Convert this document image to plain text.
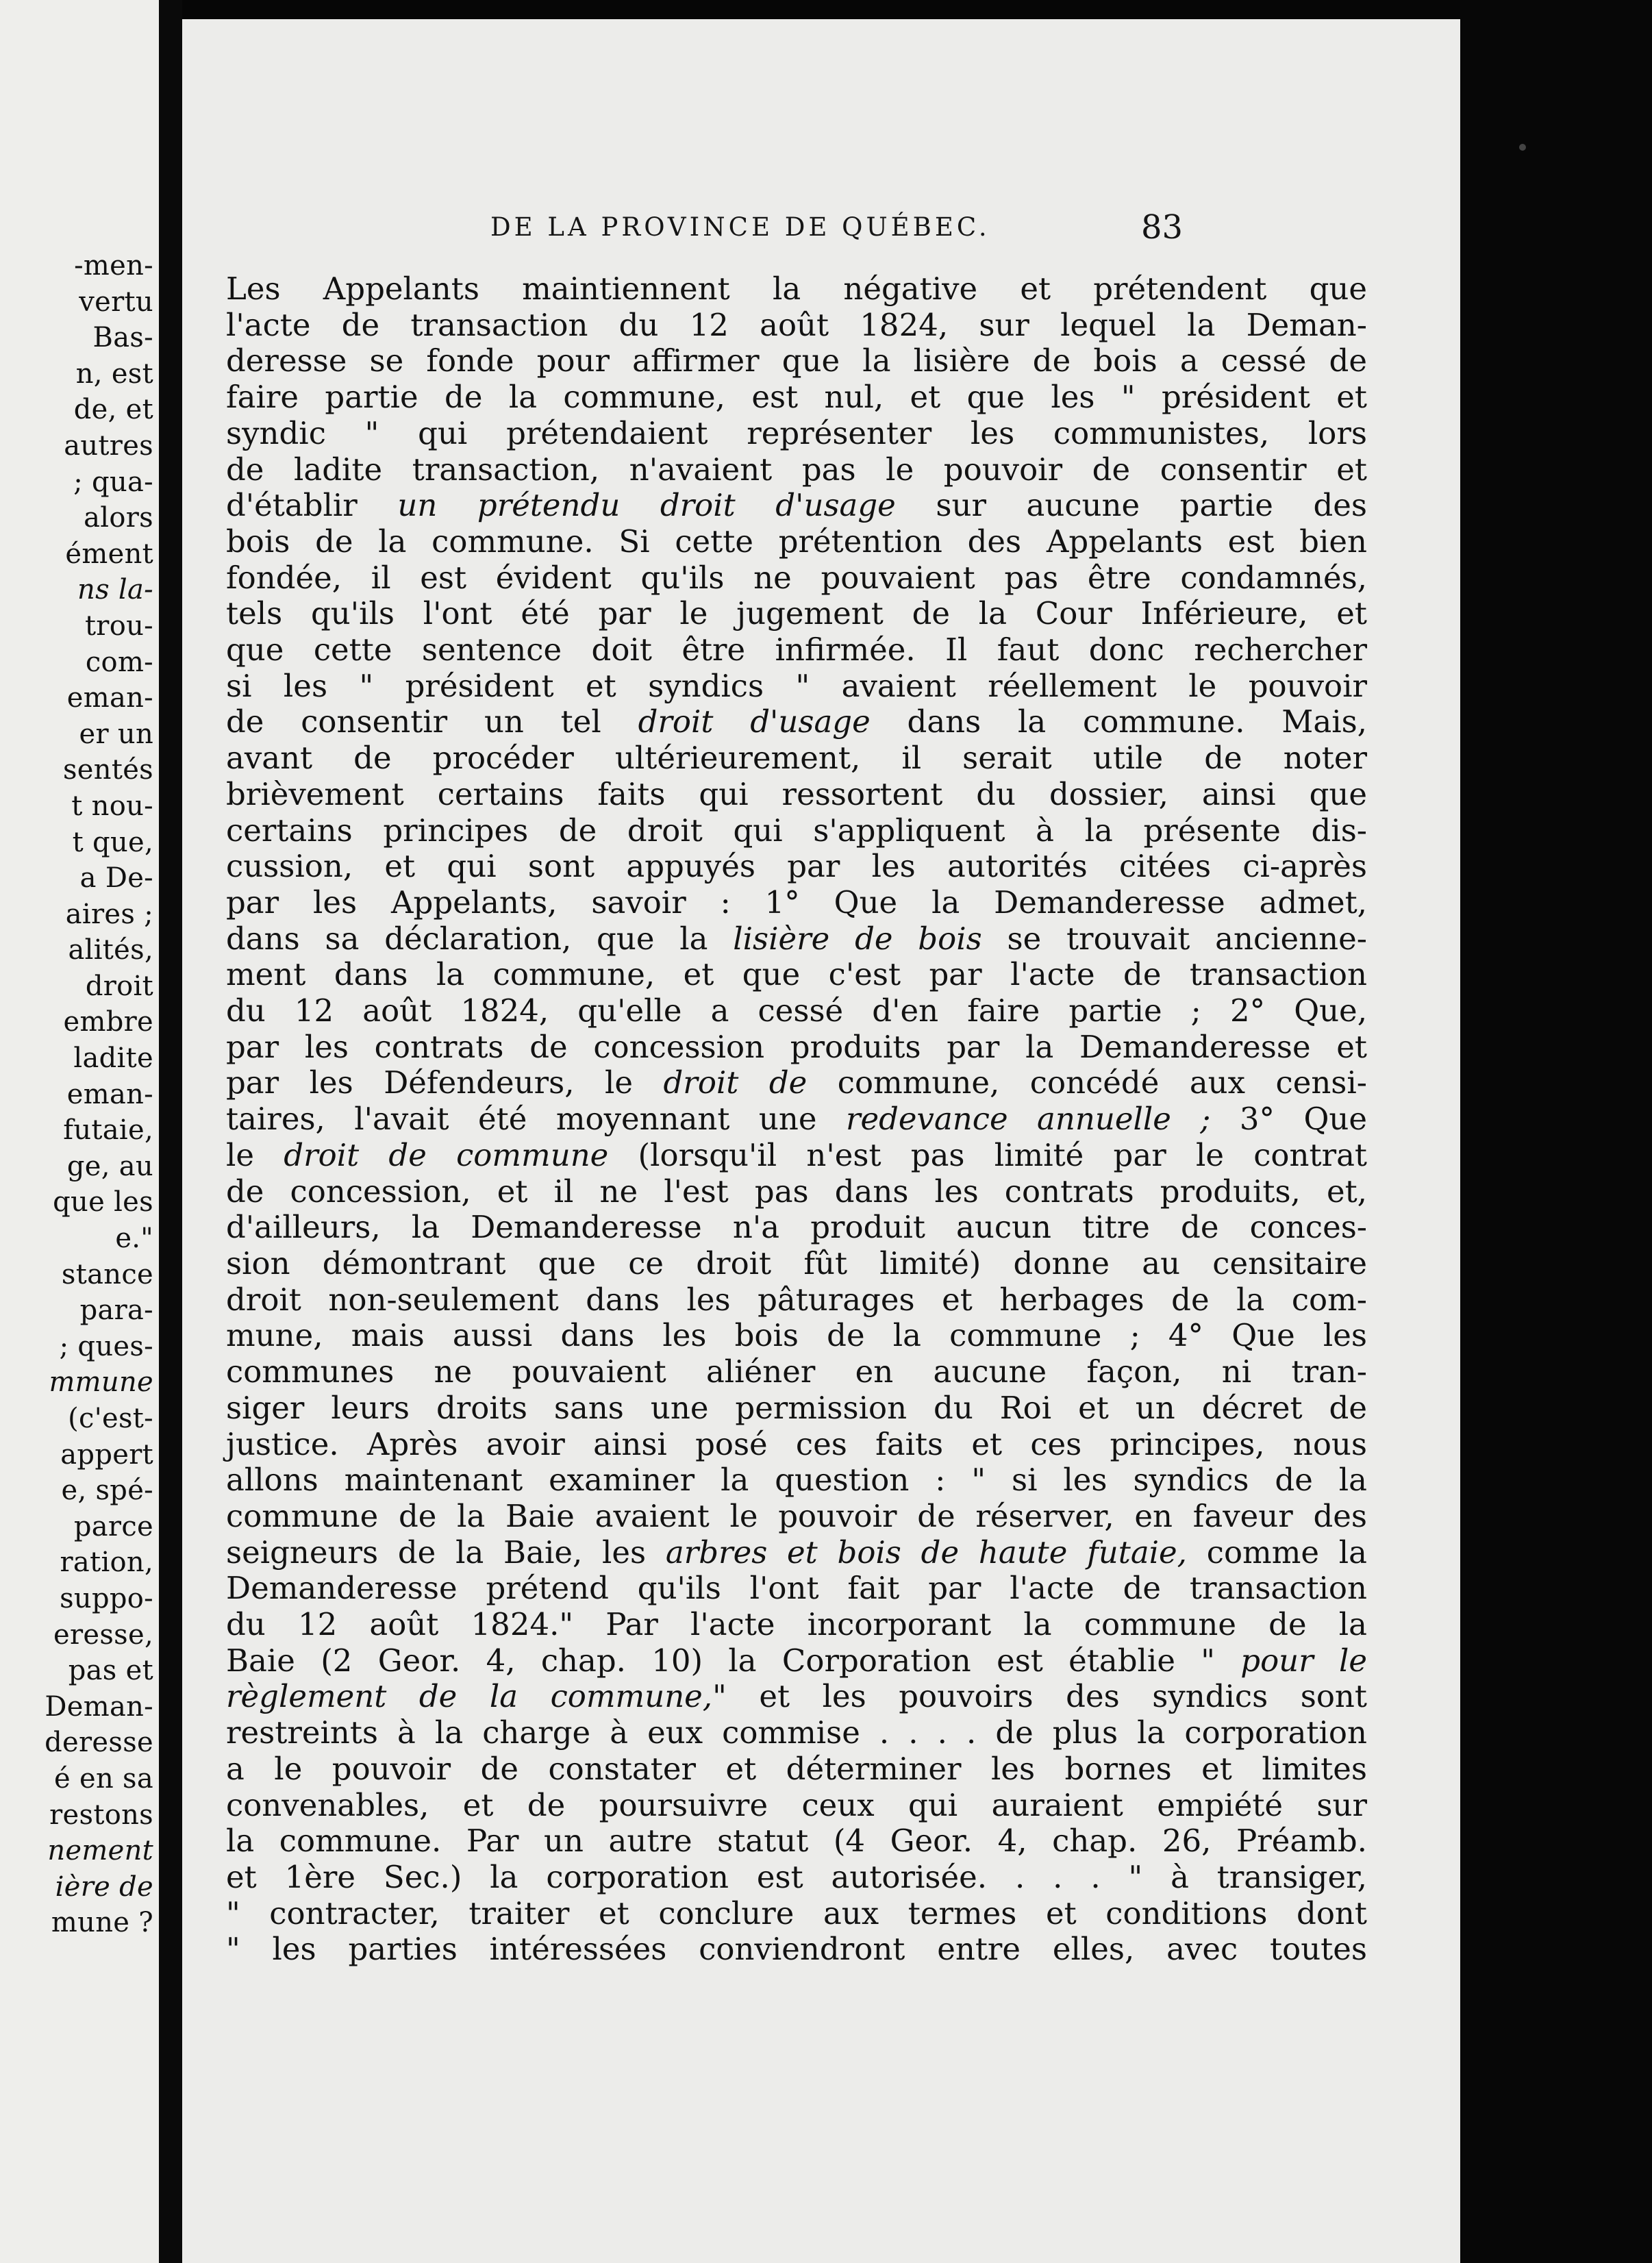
-men-
vertu
Bas-
n, est
de, et
autres
; qua-
alors
ément
ns la-
trou-
com-
eman-
er un
sentés
t nou-
t que,
a De-
aires ;
alités,
droit
embre
ladite
eman-
futaie,
ge, au
que les
e."
stance
para-
; ques-
mmune
(c'est-
appert
e, spé-
parce
ration,
suppo-
eresse,
pas et
Deman-
deresse
é en sa
restons
nement
ière de
mune ?
DE LA PROVINCE DE QUÉBEC.	83
Les Appelants maintiennent la négative et prétendent que
l'acte de transaction du 12 août 1824, sur lequel la Deman-
deresse se fonde pour affirmer que la lisière de bois a cessé de
faire partie de la commune, est nul, et que les " président et
syndic " qui prétendaient représenter les communistes, lors
de ladite transaction, n'avaient pas le pouvoir de consentir et
d'établir un prétendu droit d'usage sur aucune partie des
bois de la commune. Si cette prétention des Appelants est bien
fondée, il est évident qu'ils ne pouvaient pas être condamnés,
tels qu'ils l'ont été par le jugement de la Cour Inférieure, et
que cette sentence doit être infirmée. Il faut donc rechercher
si les " président et syndics " avaient réellement le pouvoir
de consentir un tel droit d'usage dans la commune. Mais,
avant de procéder ultérieurement, il serait utile de noter
brièvement certains faits qui ressortent du dossier, ainsi que
certains principes de droit qui s'appliquent à la présente dis-
cussion, et qui sont appuyés par les autorités citées ci-après
par les Appelants, savoir : 1° Que la Demanderesse admet,
dans sa déclaration, que la lisière de bois se trouvait ancienne-
ment dans la commune, et que c'est par l'acte de transaction
du 12 août 1824, qu'elle a cessé d'en faire partie ; 2° Que,
par les contrats de concession produits par la Demanderesse et
par les Défendeurs, le droit de commune, concédé aux censi-
taires, l'avait été moyennant une redevance annuelle ; 3° Que
le droit de commune (lorsqu'il n'est pas limité par le contrat
de concession, et il ne l'est pas dans les contrats produits, et,
d'ailleurs, la Demanderesse n'a produit aucun titre de conces-
sion démontrant que ce droit fût limité) donne au censitaire
droit non-seulement dans les pâturages et herbages de la com-
mune, mais aussi dans les bois de la commune ; 4° Que les
communes ne pouvaient aliéner en aucune façon, ni tran-
siger leurs droits sans une permission du Roi et un décret de
justice. Après avoir ainsi posé ces faits et ces principes, nous
allons maintenant examiner la question : " si les syndics de la
commune de la Baie avaient le pouvoir de réserver, en faveur des
seigneurs de la Baie, les arbres et bois de haute futaie, comme la
Demanderesse prétend qu'ils l'ont fait par l'acte de transaction
du 12 août 1824." Par l'acte incorporant la commune de la
Baie (2 Geor. 4, chap. 10) la Corporation est établie " pour le
règlement de la commune," et les pouvoirs des syndics sont
restreints à la charge à eux commise . . . . de plus la corporation
a le pouvoir de constater et déterminer les bornes et limites
convenables, et de poursuivre ceux qui auraient empiété sur
la commune. Par un autre statut (4 Geor. 4, chap. 26, Préamb.
et 1ère Sec.) la corporation est autorisée. . . . " à transiger,
" contracter, traiter et conclure aux termes et conditions dont
" les parties intéressées conviendront entre elles, avec toutes
